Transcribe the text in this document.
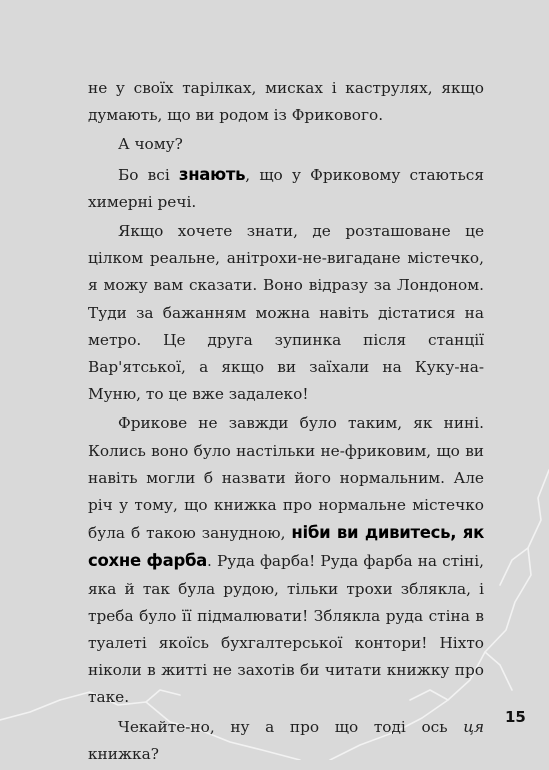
не у своїх тарілках, мисках і каструлях, якщо думають, що ви родом із Фрикового.

А чому?

Бо всі знають, що у Фриковому стаються химерні речі.

Якщо хочете знати, де розташоване це цілком реальне, анітрохи-не-вигадане містечко, я можу вам сказати. Воно відразу за Лондоном. Туди за бажанням можна навіть дістатися на метро. Це друга зупинка після станції Вар'ятської, а якщо ви заїхали на Куку-на-Муню, то це вже задалеко!

Фрикове не завжди було таким, як нині. Колись воно було настільки не-фриковим, що ви навіть могли б назвати його нормальним. Але річ у тому, що книжка про нормальне містечко була б такою занудною, ніби ви дивитесь, як сохне фарба. Руда фарба! Руда фарба на стіні, яка й так була рудою, тільки трохи зблякла, і треба було її підмалювати! Зблякла руда стіна в туалеті якоїсь бухгалтерської контори! Ніхто ніколи в житті не захотів би читати книжку про таке.

Чекайте-но, ну а про що тоді ось ця книжка?

15
